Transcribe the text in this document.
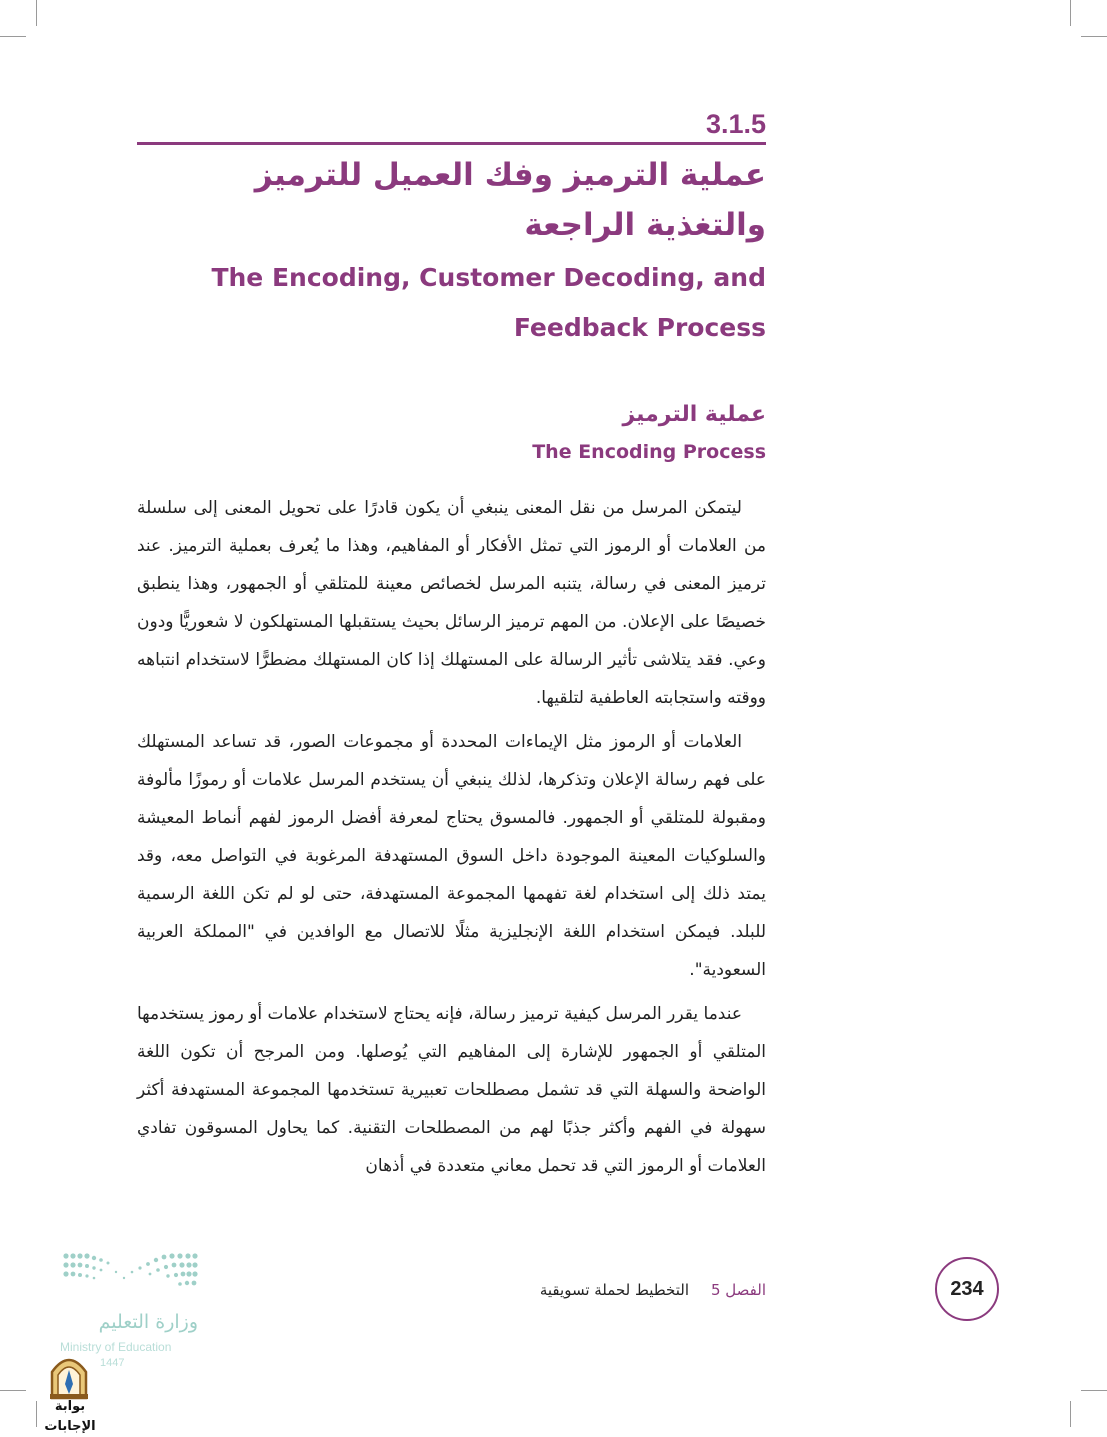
3.1.5
عملية الترميز وفك العميل للترميز والتغذية الراجعة
The Encoding, Customer Decoding, and Feedback Process
عملية الترميز
The Encoding Process

ليتمكن المرسل من نقل المعنى ينبغي أن يكون قادرًا على تحويل المعنى إلى سلسلة من العلامات أو الرموز التي تمثل الأفكار أو المفاهيم، وهذا ما يُعرف بعملية الترميز. عند ترميز المعنى في رسالة، يتنبه المرسل لخصائص معينة للمتلقي أو الجمهور، وهذا ينطبق خصيصًا على الإعلان. من المهم ترميز الرسائل بحيث يستقبلها المستهلكون لا شعوريًّا ودون وعي. فقد يتلاشى تأثير الرسالة على المستهلك إذا كان المستهلك مضطرًّا لاستخدام انتباهه ووقته واستجابته العاطفية لتلقيها.

العلامات أو الرموز مثل الإيماءات المحددة أو مجموعات الصور، قد تساعد المستهلك على فهم رسالة الإعلان وتذكرها، لذلك ينبغي أن يستخدم المرسل علامات أو رموزًا مألوفة ومقبولة للمتلقي أو الجمهور. فالمسوق يحتاج لمعرفة أفضل الرموز لفهم أنماط المعيشة والسلوكيات المعينة الموجودة داخل السوق المستهدفة المرغوبة في التواصل معه، وقد يمتد ذلك إلى استخدام لغة تفهمها المجموعة المستهدفة، حتى لو لم تكن اللغة الرسمية للبلد. فيمكن استخدام اللغة الإنجليزية مثلًا للاتصال مع الوافدين في "المملكة العربية السعودية".

عندما يقرر المرسل كيفية ترميز رسالة، فإنه يحتاج لاستخدام علامات أو رموز يستخدمها المتلقي أو الجمهور للإشارة إلى المفاهيم التي يُوصلها. ومن المرجح أن تكون اللغة الواضحة والسهلة التي قد تشمل مصطلحات تعبيرية تستخدمها المجموعة المستهدفة أكثر سهولة في الفهم وأكثر جذبًا لهم من المصطلحات التقنية. كما يحاول المسوقون تفادي العلامات أو الرموز التي قد تحمل معاني متعددة في أذهان

الفصل 5التخطيط لحملة تسويقية	234
وزارة التعليم
Ministry of Education
1447
بوابة الإجابات
